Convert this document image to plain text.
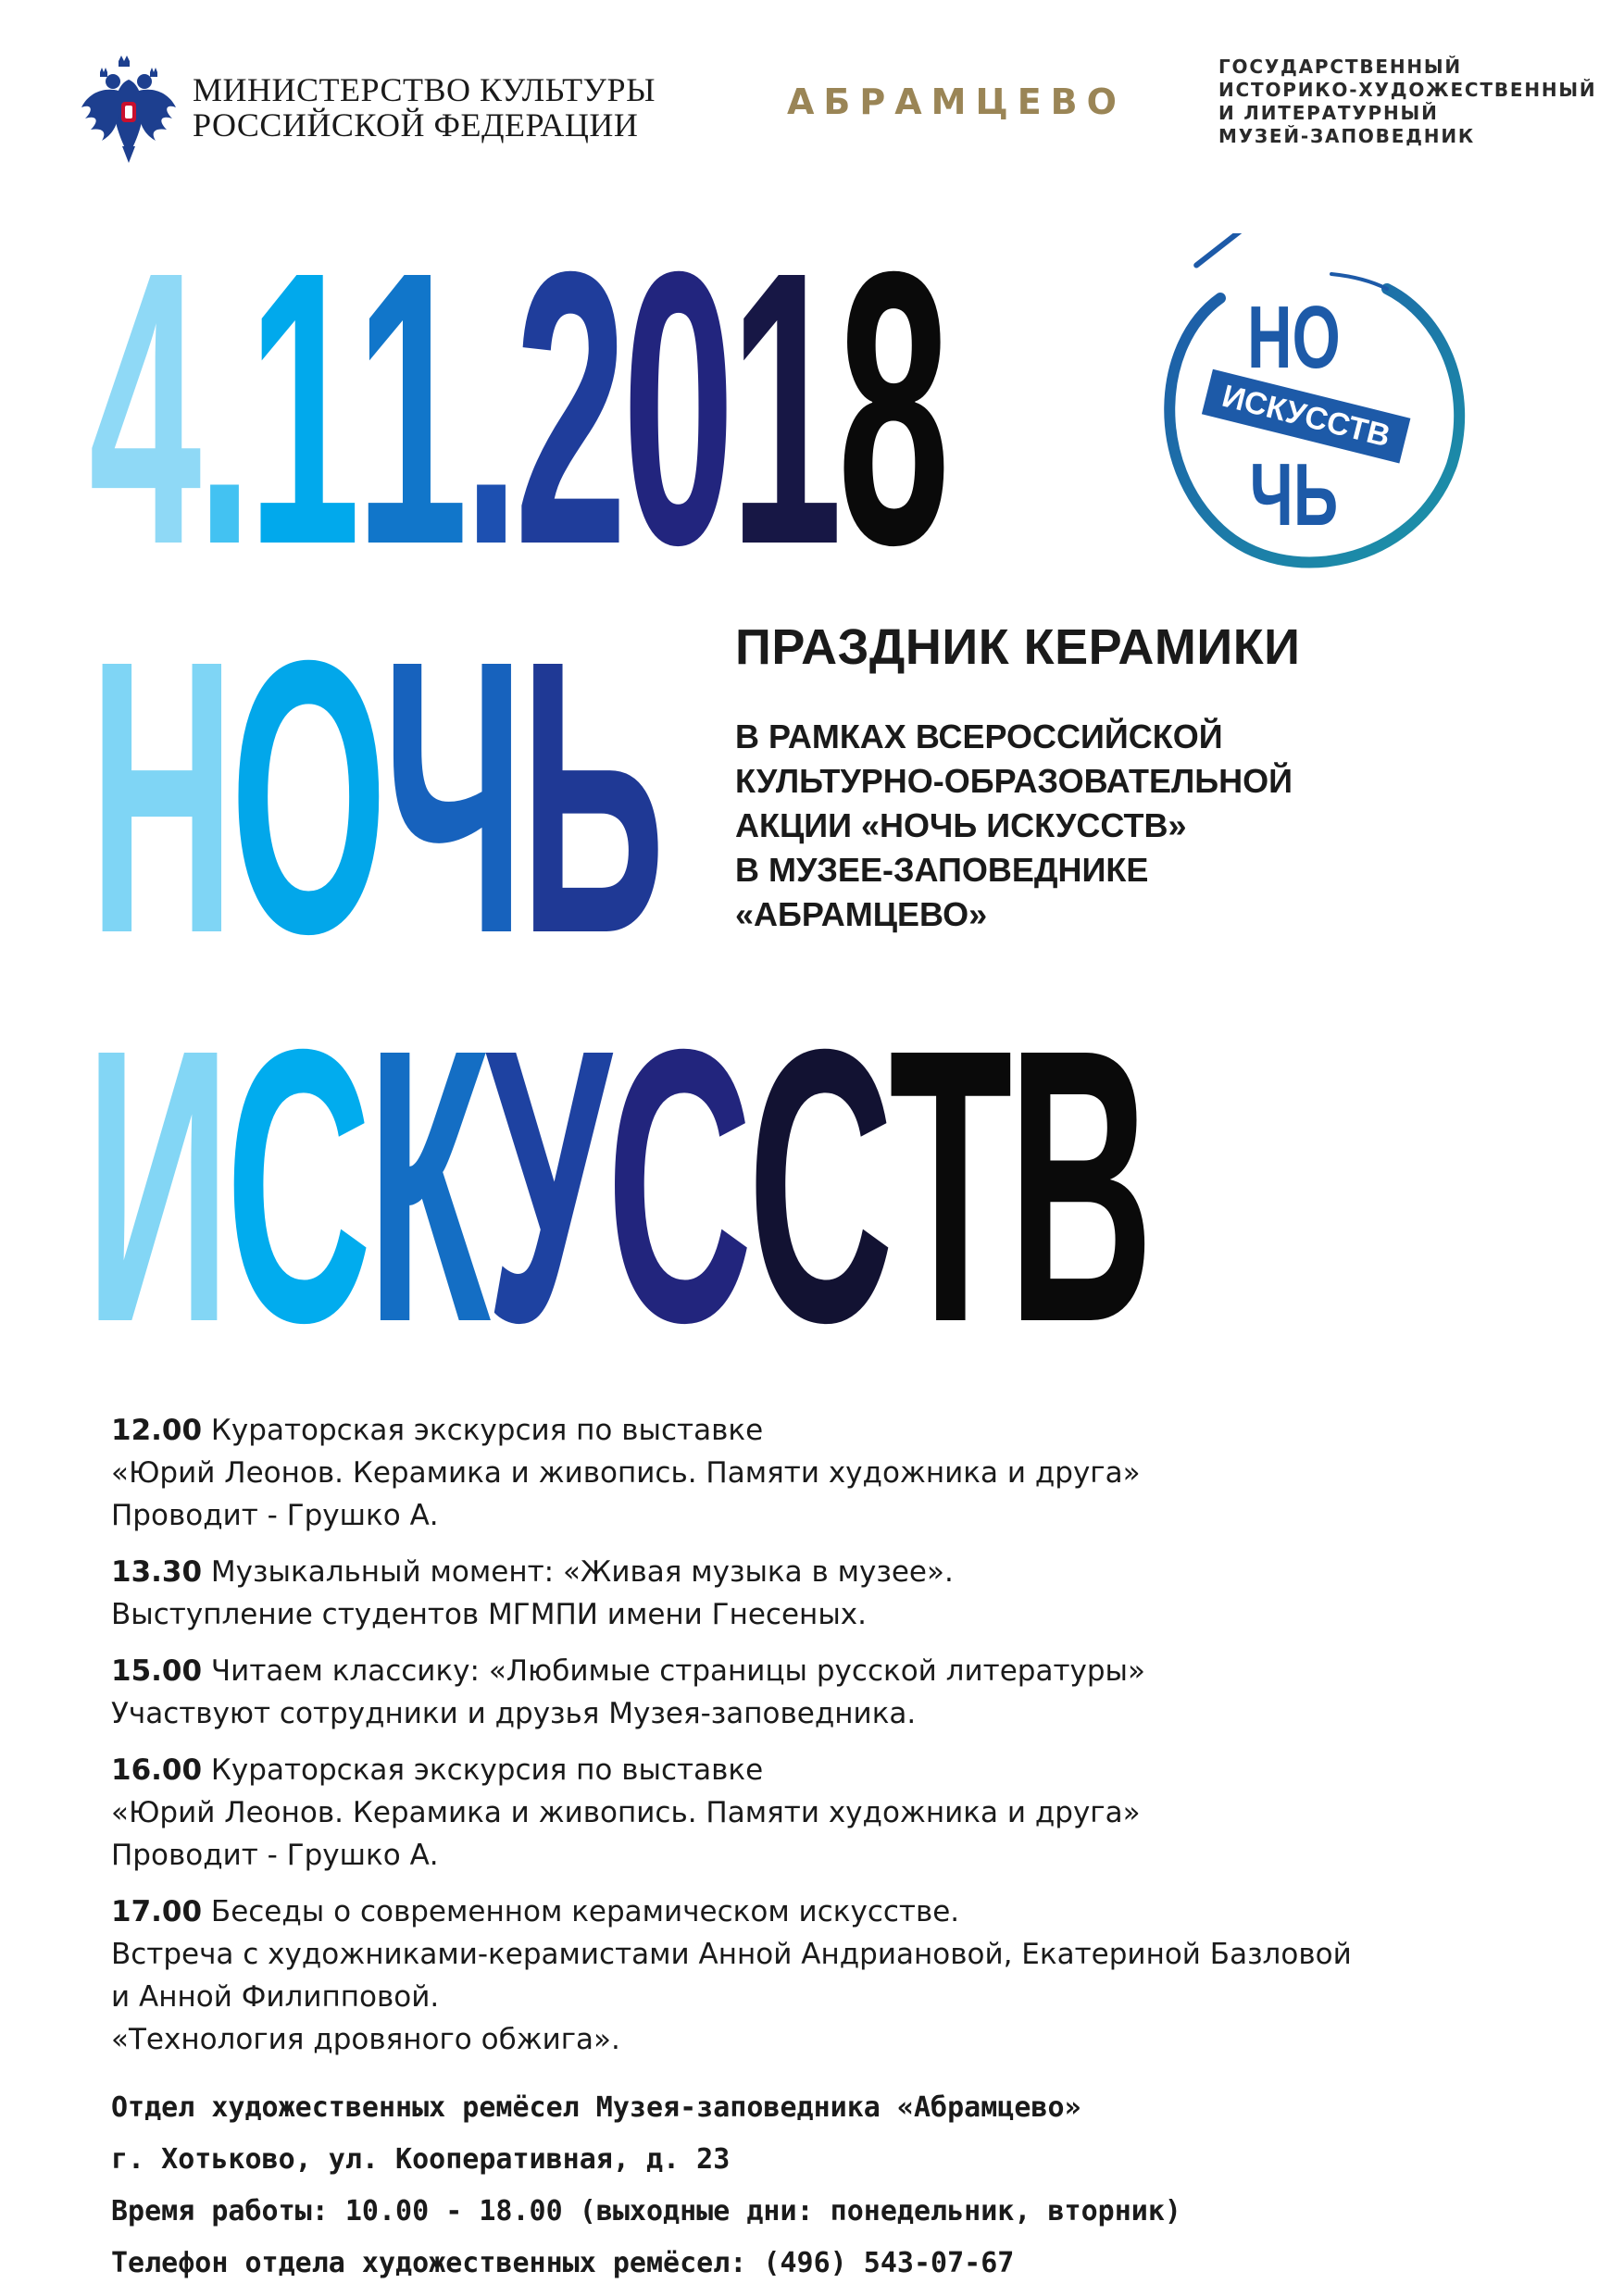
МИНИСТЕРСТВО КУЛЬТУРЫ
РОССИЙСКОЙ ФЕДЕРАЦИИ
АБРАМЦЕВО
ГОСУДАРСТВЕННЫЙ
ИСТОРИКО-ХУДОЖЕСТВЕННЫЙ
И ЛИТЕРАТУРНЫЙ
МУЗЕЙ-ЗАПОВЕДНИК
4.11.2018
НОЧЬ
ИСКУССТВ
НО
ИСКУССТВ
ЧЬ
ПРАЗДНИК КЕРАМИКИ
В РАМКАХ ВСЕРОССИЙСКОЙ
КУЛЬТУРНО-ОБРАЗОВАТЕЛЬНОЙ
АКЦИИ «НОЧЬ ИСКУССТВ»
В МУЗЕЕ-ЗАПОВЕДНИКЕ
«АБРАМЦЕВО»
12.00 Кураторская экскурсия по выставке
«Юрий Леонов. Керамика и живопись. Памяти художника и друга»
Проводит - Грушко А.
13.30 Музыкальный момент: «Живая музыка в музее».
Выступление студентов МГМПИ имени Гнесеных.
15.00 Читаем классику: «Любимые страницы русской литературы»
Участвуют сотрудники и друзья Музея-заповедника.
16.00 Кураторская экскурсия по выставке
«Юрий Леонов. Керамика и живопись. Памяти художника и друга»
Проводит - Грушко А.
17.00 Беседы о современном керамическом искусстве.
Встреча с художниками-керамистами Анной Андриановой, Екатериной Базловой
и Анной Филипповой.
«Технология дровяного обжига».
Отдел художественных ремёсел Музея-заповедника «Абрамцево»
г. Хотьково, ул. Кооперативная, д. 23
Время работы: 10.00 - 18.00 (выходные дни: понедельник, вторник)
Телефон отдела художественных ремёсел: (496) 543-07-67
